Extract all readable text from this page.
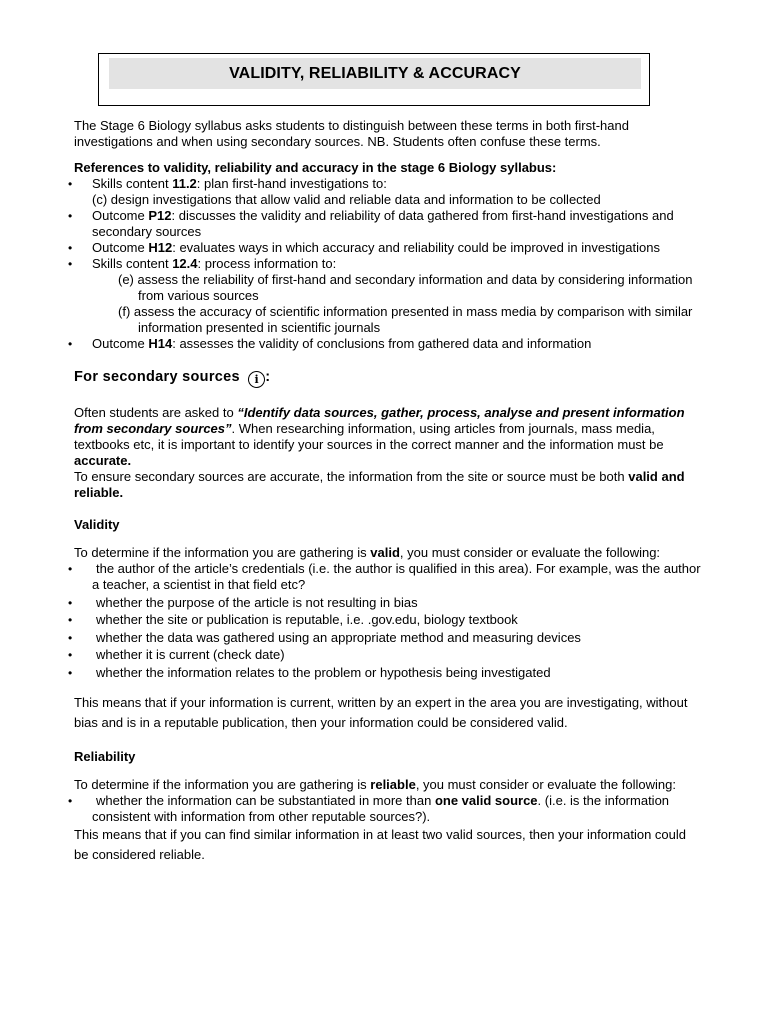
VALIDITY, RELIABILITY & ACCURACY

The Stage 6 Biology syllabus asks students to distinguish between these terms in both first-hand investigations and when using secondary sources. NB. Students often confuse these terms.

References to validity, reliability and accuracy in the stage 6 Biology syllabus:

• Skills content 11.2: plan first-hand investigations to:
(c) design investigations that allow valid and reliable data and information to be collected
• Outcome P12: discusses the validity and reliability of data gathered from first-hand investigations and secondary sources
• Outcome H12: evaluates ways in which accuracy and reliability could be improved in investigations
• Skills content 12.4: process information to:
(e) assess the reliability of first-hand and secondary information and data by considering information from various sources
(f) assess the accuracy of scientific information presented in mass media by comparison with similar information presented in scientific journals
• Outcome H14: assesses the validity of conclusions from gathered data and information

For secondary sources i :

Often students are asked to “Identify data sources, gather, process, analyse and present information from secondary sources”. When researching information, using articles from journals, mass media, textbooks etc, it is important to identify your sources in the correct manner and the information must be accurate.

To ensure secondary sources are accurate, the information from the site or source must be both valid and reliable.

Validity

To determine if the information you are gathering is valid, you must consider or evaluate the following:

• the author of the article’s credentials (i.e. the author is qualified in this area). For example, was the author a teacher, a scientist in that field etc?
• whether the purpose of the article is not resulting in bias
• whether the site or publication is reputable, i.e. .gov.edu, biology textbook
• whether the data was gathered using an appropriate method and measuring devices
• whether it is current (check date)
• whether the information relates to the problem or hypothesis being investigated

This means that if your information is current, written by an expert in the area you are investigating, without bias and is in a reputable publication, then your information could be considered valid.

Reliability

To determine if the information you are gathering is reliable, you must consider or evaluate the following:

• whether the information can be substantiated in more than one valid source. (i.e. is the information consistent with information from other reputable sources?).

This means that if you can find similar information in at least two valid sources, then your information could be considered reliable.
